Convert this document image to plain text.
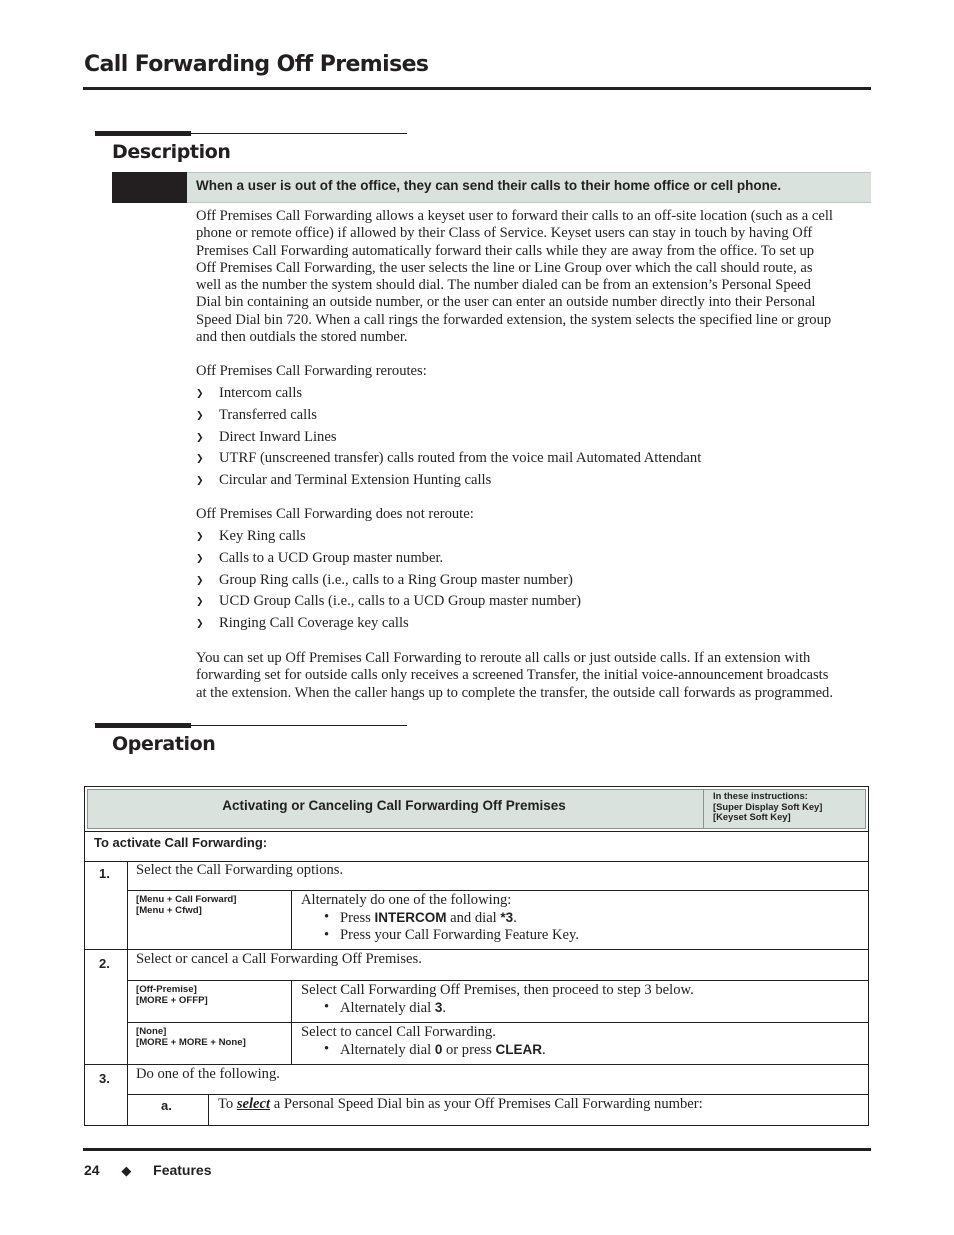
Call Forwarding Off Premises
Description
When a user is out of the office, they can send their calls to their home office or cell phone.
Off Premises Call Forwarding allows a keyset user to forward their calls to an off-site location (such as a cell
phone or remote office) if allowed by their Class of Service. Keyset users can stay in touch by having Off
Premises Call Forwarding automatically forward their calls while they are away from the office. To set up
Off Premises Call Forwarding, the user selects the line or Line Group over which the call should route, as
well as the number the system should dial. The number dialed can be from an extension’s Personal Speed
Dial bin containing an outside number, or the user can enter an outside number directly into their Personal
Speed Dial bin 720. When a call rings the forwarded extension, the system selects the specified line or group
and then outdials the stored number.
Off Premises Call Forwarding reroutes:
❯ Intercom calls
❯ Transferred calls
❯ Direct Inward Lines
❯ UTRF (unscreened transfer) calls routed from the voice mail Automated Attendant
❯ Circular and Terminal Extension Hunting calls
Off Premises Call Forwarding does not reroute:
❯ Key Ring calls
❯ Calls to a UCD Group master number.
❯ Group Ring calls (i.e., calls to a Ring Group master number)
❯ UCD Group Calls (i.e., calls to a UCD Group master number)
❯ Ringing Call Coverage key calls
You can set up Off Premises Call Forwarding to reroute all calls or just outside calls. If an extension with
forwarding set for outside calls only receives a screened Transfer, the initial voice-announcement broadcasts
at the extension. When the caller hangs up to complete the transfer, the outside call forwards as programmed.
Operation
Activating or Canceling Call Forwarding Off Premises
In these instructions:
[Super Display Soft Key]
[Keyset Soft Key]
To activate Call Forwarding:
1. Select the Call Forwarding options.
[Menu + Call Forward]
[Menu + Cfwd]
Alternately do one of the following:
• Press INTERCOM and dial *3.
• Press your Call Forwarding Feature Key.
2. Select or cancel a Call Forwarding Off Premises.
[Off-Premise]
[MORE + OFFP]
Select Call Forwarding Off Premises, then proceed to step 3 below.
• Alternately dial 3.
[None]
[MORE + MORE + None]
Select to cancel Call Forwarding.
• Alternately dial 0 or press CLEAR.
3. Do one of the following.
a.	To select a Personal Speed Dial bin as your Off Premises Call Forwarding number:
24 ◆ Features
